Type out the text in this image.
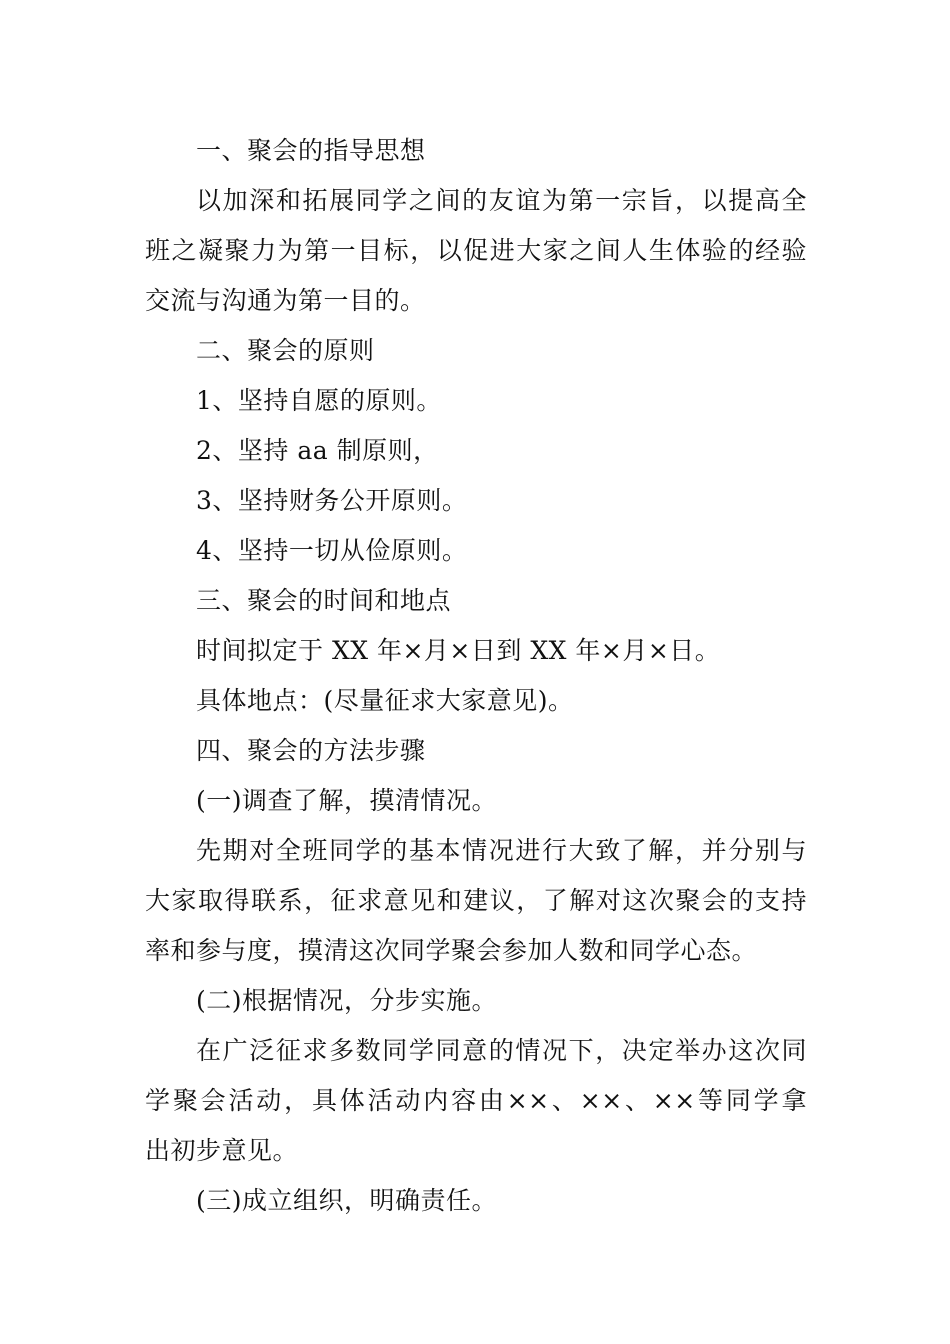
一、聚会的指导思想
以加深和拓展同学之间的友谊为第一宗旨，以提高全
班之凝聚力为第一目标，以促进大家之间人生体验的经验
交流与沟通为第一目的。
二、聚会的原则
1、坚持自愿的原则。
2、坚持 aa 制原则，
3、坚持财务公开原则。
4、坚持一切从俭原则。
三、聚会的时间和地点
时间拟定于 XX 年×月×日到 XX 年×月×日。
具体地点：(尽量征求大家意见)。
四、聚会的方法步骤
(一)调查了解，摸清情况。
先期对全班同学的基本情况进行大致了解，并分别与
大家取得联系，征求意见和建议，了解对这次聚会的支持
率和参与度，摸清这次同学聚会参加人数和同学心态。
(二)根据情况，分步实施。
在广泛征求多数同学同意的情况下，决定举办这次同
学聚会活动，具体活动内容由××、××、××等同学拿
出初步意见。
(三)成立组织，明确责任。
